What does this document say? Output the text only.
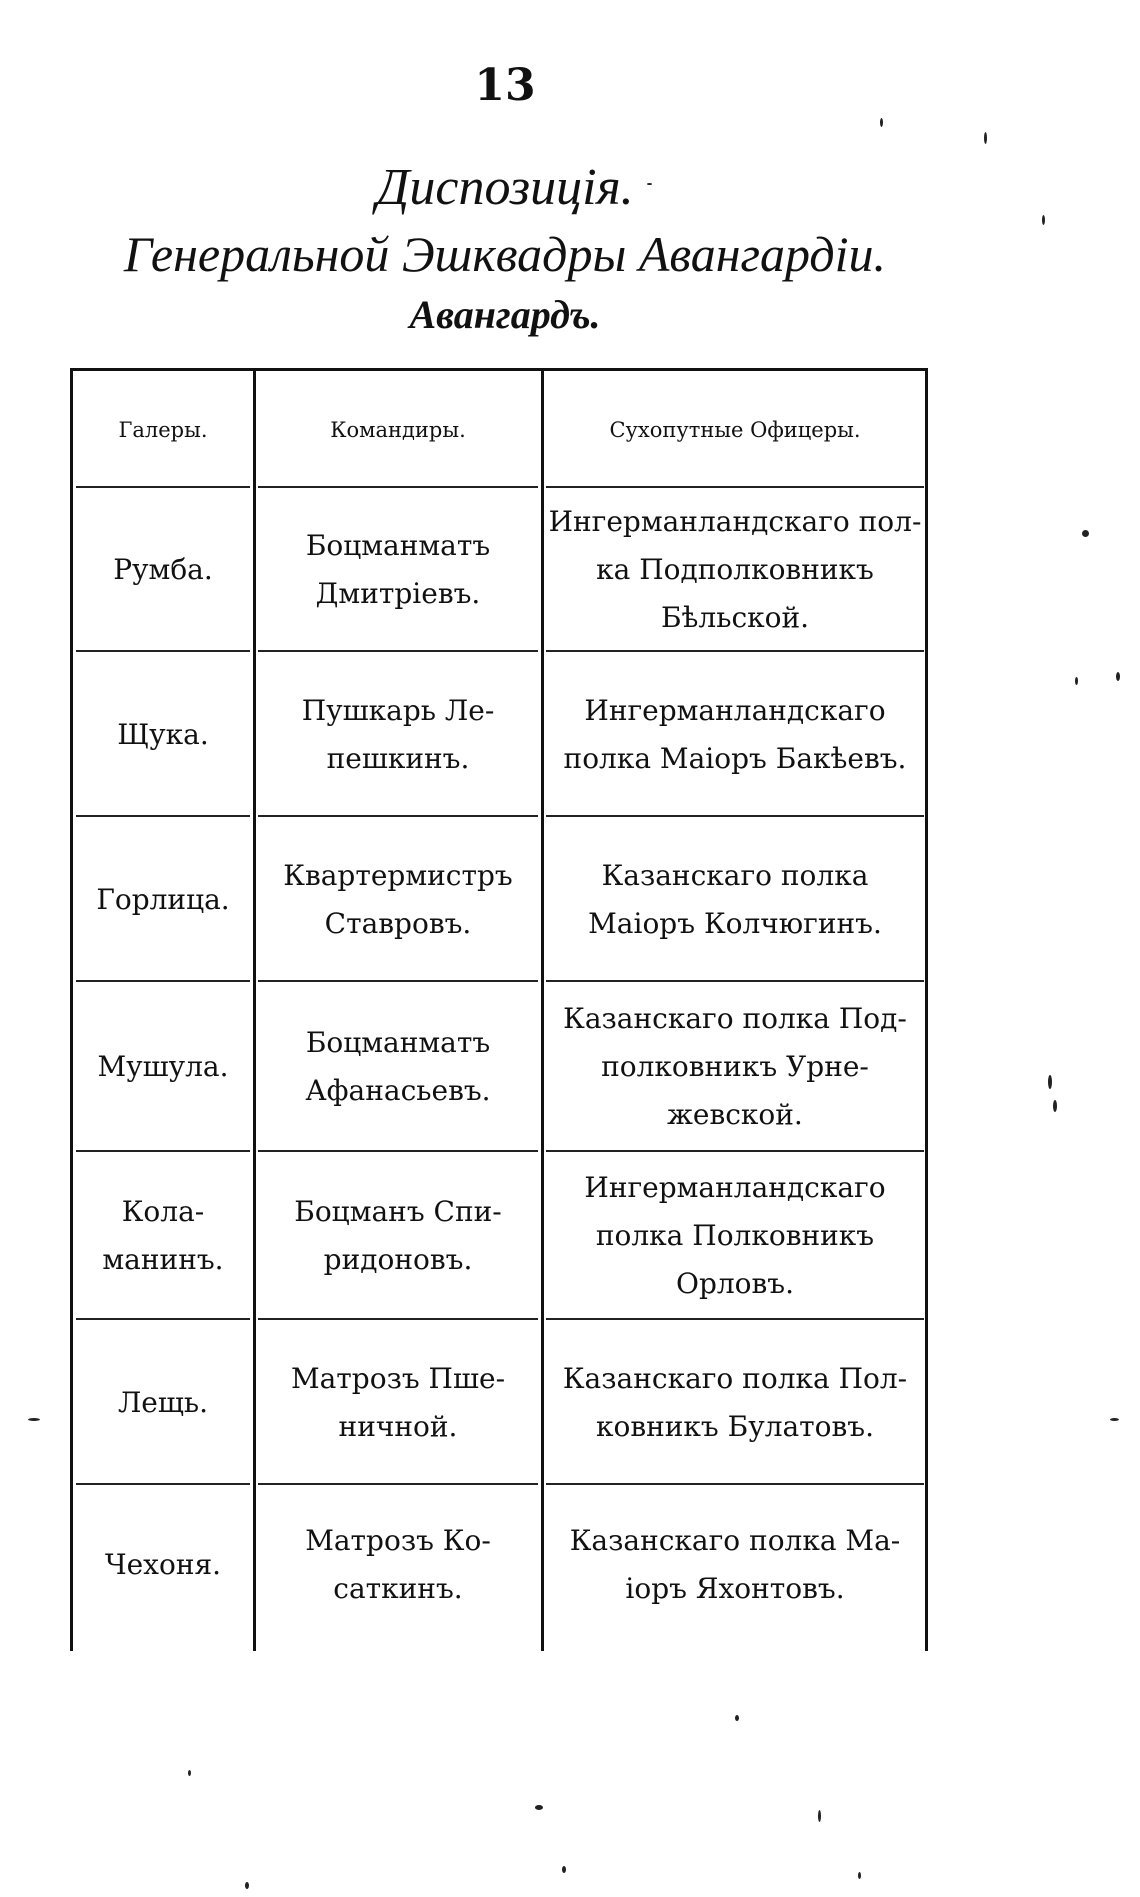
13
Диспозиція.
Генеральной Эшквадры Авангардіи.
Авангардъ.
Галеры.	Командиры.	Сухопутные Офицеры.
Румба.
Боцманматъ
Дмитріевъ.
Ингерманландскаго пол-
ка Подполковникъ
Бѣльской.
Щука.
Пушкарь Ле-
пешкинъ.
Ингерманландскаго
полка Маіоръ Бакѣевъ.
Горлица.
Квартермистръ
Ставровъ.
Казанскаго полка
Маіоръ Колчюгинъ.
Мушула.
Боцманматъ
Афанасьевъ.
Казанскаго полка Под-
полковникъ Урне-
жевской.
Кола-
манинъ.
Боцманъ Спи-
ридоновъ.
Ингерманландскаго
полка Полковникъ
Орловъ.
Лещь.
Матрозъ Пше-
ничной.
Казанскаго полка Пол-
ковникъ Булатовъ.
Чехоня.
Матрозъ Ко-
саткинъ.
Казанскаго полка Ма-
іоръ Яхонтовъ.
